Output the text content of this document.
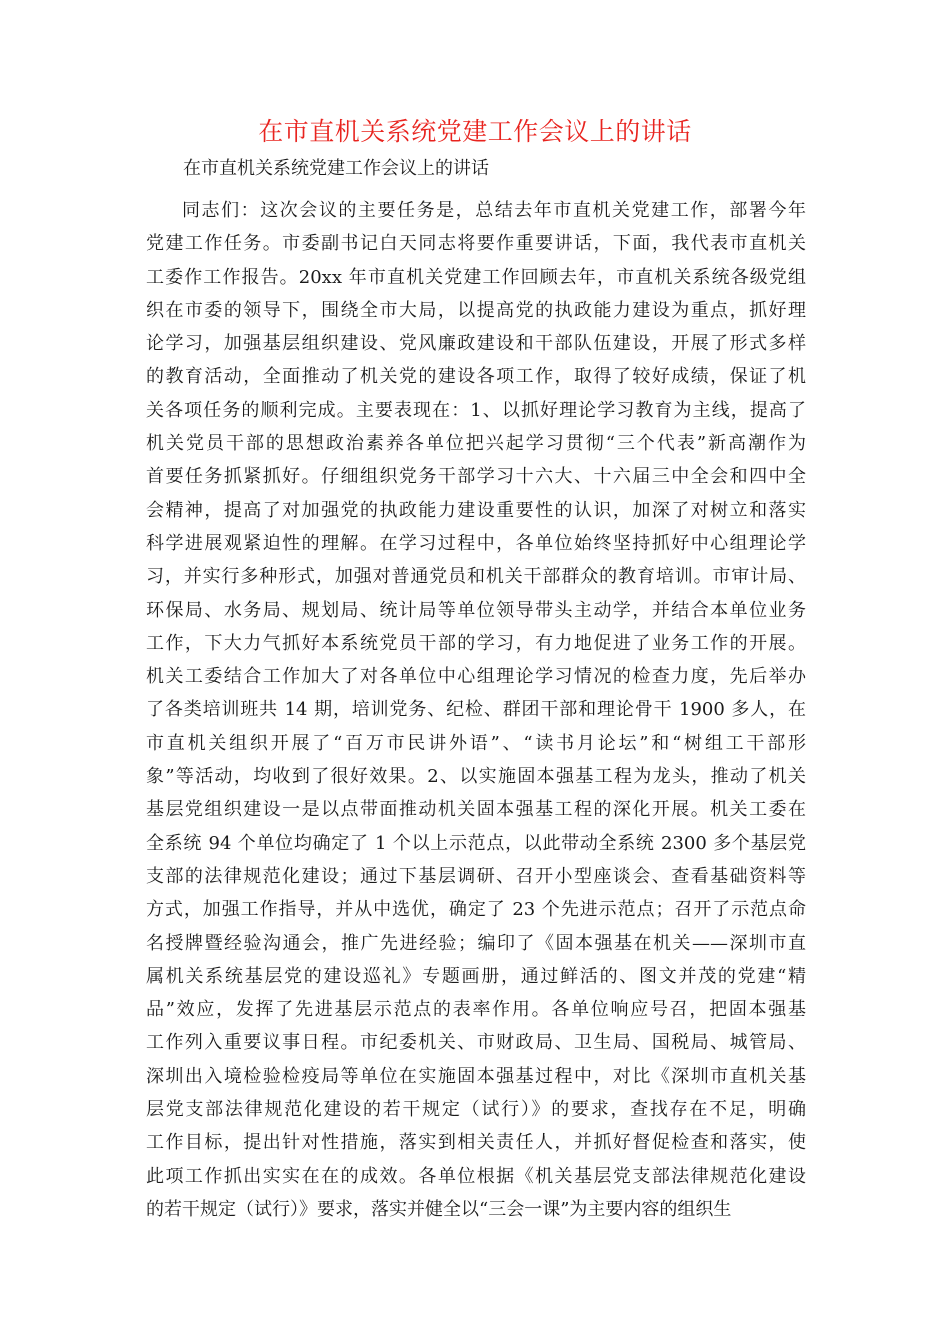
在市直机关系统党建工作会议上的讲话

在市直机关系统党建工作会议上的讲话

同志们：这次会议的主要任务是，总结去年市直机关党建工作，部署今年
党建工作任务。市委副书记白天同志将要作重要讲话，下面，我代表市直机关
工委作工作报告。20xx 年市直机关党建工作回顾去年，市直机关系统各级党组
织在市委的领导下，围绕全市大局，以提高党的执政能力建设为重点，抓好理
论学习，加强基层组织建设、党风廉政建设和干部队伍建设，开展了形式多样
的教育活动，全面推动了机关党的建设各项工作，取得了较好成绩，保证了机
关各项任务的顺利完成。主要表现在：1、以抓好理论学习教育为主线，提高了
机关党员干部的思想政治素养各单位把兴起学习贯彻“三个代表”新高潮作为
首要任务抓紧抓好。仔细组织党务干部学习十六大、十六届三中全会和四中全
会精神，提高了对加强党的执政能力建设重要性的认识，加深了对树立和落实
科学进展观紧迫性的理解。在学习过程中，各单位始终坚持抓好中心组理论学
习，并实行多种形式，加强对普通党员和机关干部群众的教育培训。市审计局、
环保局、水务局、规划局、统计局等单位领导带头主动学，并结合本单位业务
工作，下大力气抓好本系统党员干部的学习，有力地促进了业务工作的开展。
机关工委结合工作加大了对各单位中心组理论学习情况的检查力度，先后举办
了各类培训班共 14 期，培训党务、纪检、群团干部和理论骨干 1900 多人，在
市直机关组织开展了“百万市民讲外语”、“读书月论坛”和“树组工干部形
象”等活动，均收到了很好效果。2、以实施固本强基工程为龙头，推动了机关
基层党组织建设一是以点带面推动机关固本强基工程的深化开展。机关工委在
全系统 94 个单位均确定了 1 个以上示范点，以此带动全系统 2300 多个基层党
支部的法律规范化建设；通过下基层调研、召开小型座谈会、查看基础资料等
方式，加强工作指导，并从中选优，确定了 23 个先进示范点；召开了示范点命
名授牌暨经验沟通会，推广先进经验；编印了《固本强基在机关——深圳市直
属机关系统基层党的建设巡礼》专题画册，通过鲜活的、图文并茂的党建“精
品”效应，发挥了先进基层示范点的表率作用。各单位响应号召，把固本强基
工作列入重要议事日程。市纪委机关、市财政局、卫生局、国税局、城管局、
深圳出入境检验检疫局等单位在实施固本强基过程中，对比《深圳市直机关基
层党支部法律规范化建设的若干规定（试行）》的要求，查找存在不足，明确
工作目标，提出针对性措施，落实到相关责任人，并抓好督促检查和落实，使
此项工作抓出实实在在的成效。各单位根据《机关基层党支部法律规范化建设
的若干规定（试行）》要求，落实并健全以“三会一课”为主要内容的组织生
